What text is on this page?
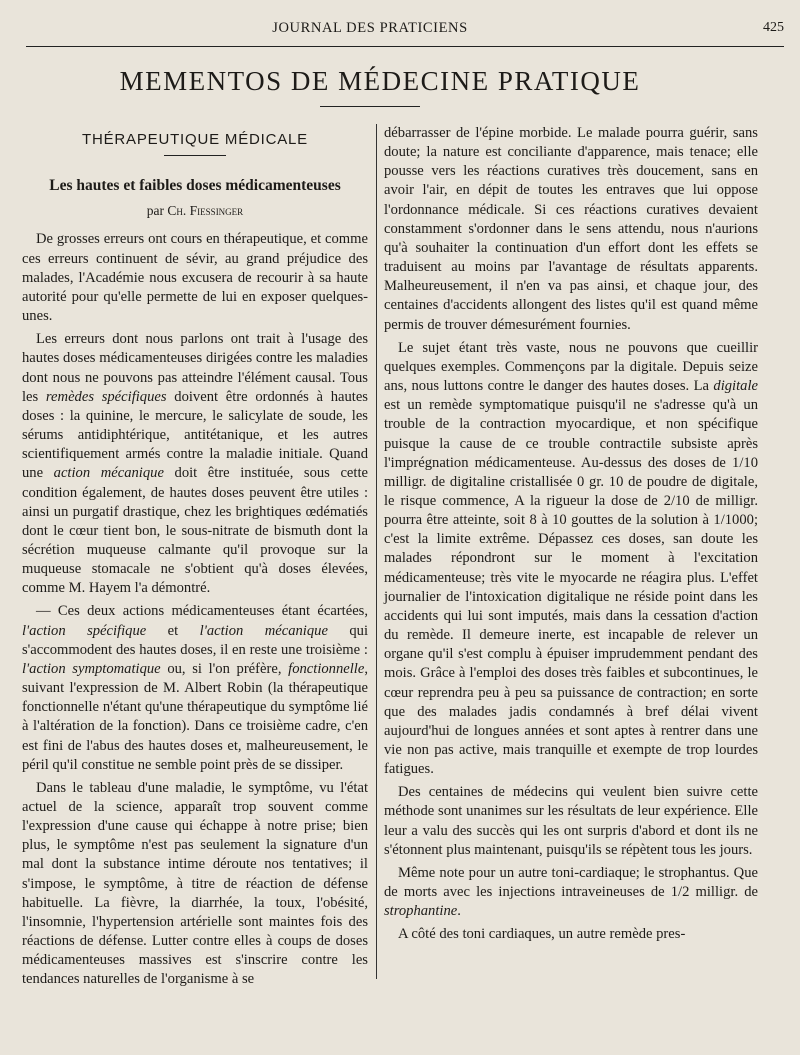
JOURNAL DES PRATICIENS	425
MEMENTOS DE MÉDECINE PRATIQUE
THÉRAPEUTIQUE MÉDICALE
Les hautes et faibles doses médicamenteuses
par Ch. Fiessinger

De grosses erreurs ont cours en thérapeutique, et comme ces erreurs continuent de sévir, au grand préjudice des malades, l'Académie nous excusera de recourir à sa haute autorité pour qu'elle permette de lui en exposer quelques-unes.

Les erreurs dont nous parlons ont trait à l'usage des hautes doses médicamenteuses dirigées contre les maladies dont nous ne pouvons pas atteindre l'élément causal. Tous les remèdes spécifiques doivent être ordonnés à hautes doses : la quinine, le mercure, le salicylate de soude, les sérums antidiphtérique, antitétanique, et les autres scientifiquement armés contre la maladie initiale. Quand une action mécanique doit être instituée, sous cette condition également, de hautes doses peuvent être utiles : ainsi un purgatif drastique, chez les brightiques œdématiés dont le cœur tient bon, le sous-nitrate de bismuth dont la sécrétion muqueuse calmante qu'il provoque sur la muqueuse stomacale ne s'obtient qu'à doses élevées, comme M. Hayem l'a démontré.

— Ces deux actions médicamenteuses étant écartées, l'action spécifique et l'action mécanique qui s'accommodent des hautes doses, il en reste une troisième : l'action symptomatique ou, si l'on préfère, fonctionnelle, suivant l'expression de M. Albert Robin (la thérapeutique fonctionnelle n'étant qu'une thérapeutique du symptôme lié à l'altération de la fonction). Dans ce troisième cadre, c'en est fini de l'abus des hautes doses et, malheureusement, le péril qu'il constitue ne semble point près de se dissiper.

Dans le tableau d'une maladie, le symptôme, vu l'état actuel de la science, apparaît trop souvent comme l'expression d'une cause qui échappe à notre prise; bien plus, le symptôme n'est pas seulement la signature d'un mal dont la substance intime déroute nos tentatives; il s'impose, le symptôme, à titre de réaction de défense habituelle. La fièvre, la diarrhée, la toux, l'obésité, l'insomnie, l'hypertension artérielle sont maintes fois des réactions de défense. Lutter contre elles à coups de doses médicamenteuses massives est s'inscrire contre les tendances naturelles de l'organisme à se

débarrasser de l'épine morbide. Le malade pourra guérir, sans doute; la nature est conciliante d'apparence, mais tenace; elle pousse vers les réactions curatives très doucement, sans en avoir l'air, en dépit de toutes les entraves que lui oppose l'ordonnance médicale. Si ces réactions curatives devaient constamment s'ordonner dans le sens attendu, nous n'aurions qu'à souhaiter la continuation d'un effort dont les effets se traduisent au moins par l'avantage de résultats apparents. Malheureusement, il n'en va pas ainsi, et chaque jour, des centaines d'accidents allongent des listes qu'il est quand même permis de trouver démesurément fournies.

Le sujet étant très vaste, nous ne pouvons que cueillir quelques exemples. Commençons par la digitale. Depuis seize ans, nous luttons contre le danger des hautes doses. La digitale est un remède symptomatique puisqu'il ne s'adresse qu'à un trouble de la contraction myocardique, et non spécifique puisque la cause de ce trouble contractile subsiste après l'imprégnation médicamenteuse. Au-dessus des doses de 1/10 milligr. de digitaline cristallisée 0 gr. 10 de poudre de digitale, le risque commence, A la rigueur la dose de 2/10 de milligr. pourra être atteinte, soit 8 à 10 gouttes de la solution à 1/1000; c'est la limite extrême. Dépassez ces doses, san doute les malades répondront sur le moment à l'excitation médicamenteuse; très vite le myocarde ne réagira plus. L'effet journalier de l'intoxication digitalique ne réside point dans les accidents qui lui sont imputés, mais dans la cessation d'action du remède. Il demeure inerte, est incapable de relever un organe qu'il s'est complu à épuiser imprudemment pendant des mois. Grâce à l'emploi des doses très faibles et subcontinues, le cœur reprendra peu à peu sa puissance de contraction; en sorte que des malades jadis condamnés à bref délai vivent aujourd'hui de longues années et sont aptes à rentrer dans une vie non pas active, mais tranquille et exempte de trop lourdes fatigues.

Des centaines de médecins qui veulent bien suivre cette méthode sont unanimes sur les résultats de leur expérience. Elle leur a valu des succès qui les ont surpris d'abord et dont ils ne s'étonnent plus maintenant, puisqu'ils se répètent tous les jours.

Même note pour un autre toni-cardiaque; le strophantus. Que de morts avec les injections intraveineuses de 1/2 milligr. de strophantine.

A côté des toni cardiaques, un autre remède pres-
